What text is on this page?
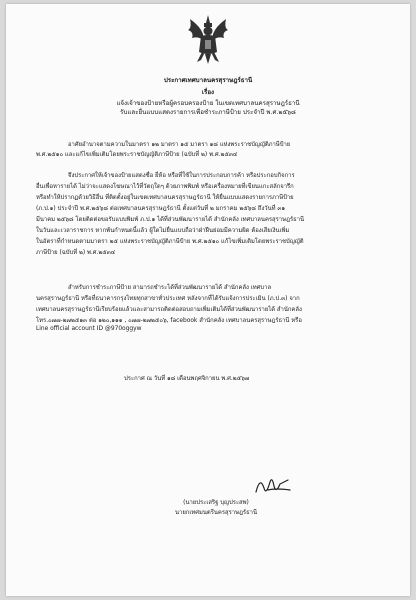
ประกาศเทศบาลนครสุราษฎร์ธานี
เรื่อง
แจ้งเจ้าของป้ายหรือผู้ครอบครองป้าย ในเขตเทศบาลนครสุราษฎร์ธานี
รับและยื่นแบบแสดงรายการเพื่อชำระภาษีป้าย ประจำปี พ.ศ.๒๕๖๘
อาศัยอำนาจตามความในมาตรา ๑๒ มาตรา ๑๕ มาตรา ๑๘ แห่งพระราชบัญญัติภาษีป้าย
พ.ศ.๒๕๑๐ และแก้ไขเพิ่มเติมโดยพระราชบัญญัติภาษีป้าย (ฉบับที่ ๒) พ.ศ.๒๕๓๔
จึงประกาศให้เจ้าของป้ายแสดงชื่อ ยี่ห้อ หรือที่ใช้ในการประกอบการค้า หรือประกอบกิจการ
อื่นเพื่อหารายได้ ไม่ว่าจะแสดงโฆษณาไว้ที่วัตถุใดๆ ด้วยภาพพิมพ์ หรือเครื่องหมายที่เขียนแกะสลักจารึก
หรือทำให้ปรากฏด้วยวิธีอื่น ที่ติดตั้งอยู่ในเขตเทศบาลนครสุราษฎร์ธานี ให้ยื่นแบบแสดงรายการภาษีป้าย
(ภ.ป.๑) ประจำปี พ.ศ.๒๕๖๘ ต่อเทศบาลนครสุราษฎร์ธานี ตั้งแต่วันที่ ๒ มกราคม ๒๕๖๘ ถึงวันที่ ๓๑
มีนาคม ๒๕๖๘ โดยติดต่อขอรับแบบพิมพ์ ภ.ป.๑ ได้ที่ส่วนพัฒนารายได้ สำนักคลัง เทศบาลนครสุราษฎร์ธานี
ในวันและเวลาราชการ หากพ้นกำหนดนี้แล้ว ผู้ใดไม่ยื่นแบบถือว่าฝ่าฝืนย่อมมีความผิด ต้องเสียเงินเพิ่ม
ในอัตราที่กำหนดตามมาตรา ๒๕ แห่งพระราชบัญญัติภาษีป้าย พ.ศ.๒๕๑๐ แก้ไขเพิ่มเติมโดยพระราชบัญญัติ
ภาษีป้าย (ฉบับที่ ๒) พ.ศ.๒๕๓๔
สำหรับการชำระภาษีป้าย สามารถชำระได้ที่ส่วนพัฒนารายได้ สำนักคลัง เทศบาล
นครสุราษฎร์ธานี หรือที่ธนาคารกรุงไทยทุกสาขาทั่วประเทศ หลังจากที่ได้รับแจ้งการประเมิน (ภ.ป.๓) จาก
เทศบาลนครสุราษฎร์ธานีเรียบร้อยแล้วและสามารถติดต่อสอบถามเพิ่มเติมได้ที่ส่วนพัฒนารายได้ สำนักคลัง
โทร.๐๗๗-๒๗๒๕๑๓ ต่อ ๑๒๐,๑๑๑ , ๐๗๗-๒๗๒๕๐๖, facebook สำนักคลัง เทศบาลนครสุราษฎร์ธานี หรือ
Line official account ID @970oggyw
ประกาศ ณ วันที่ ๑๘ เดือนพฤศจิกายน พ.ศ.๒๕๖๗
(นายประเสริฐ บุญประสพ)
นายกเทศมนตรีนครสุราษฎร์ธานี
